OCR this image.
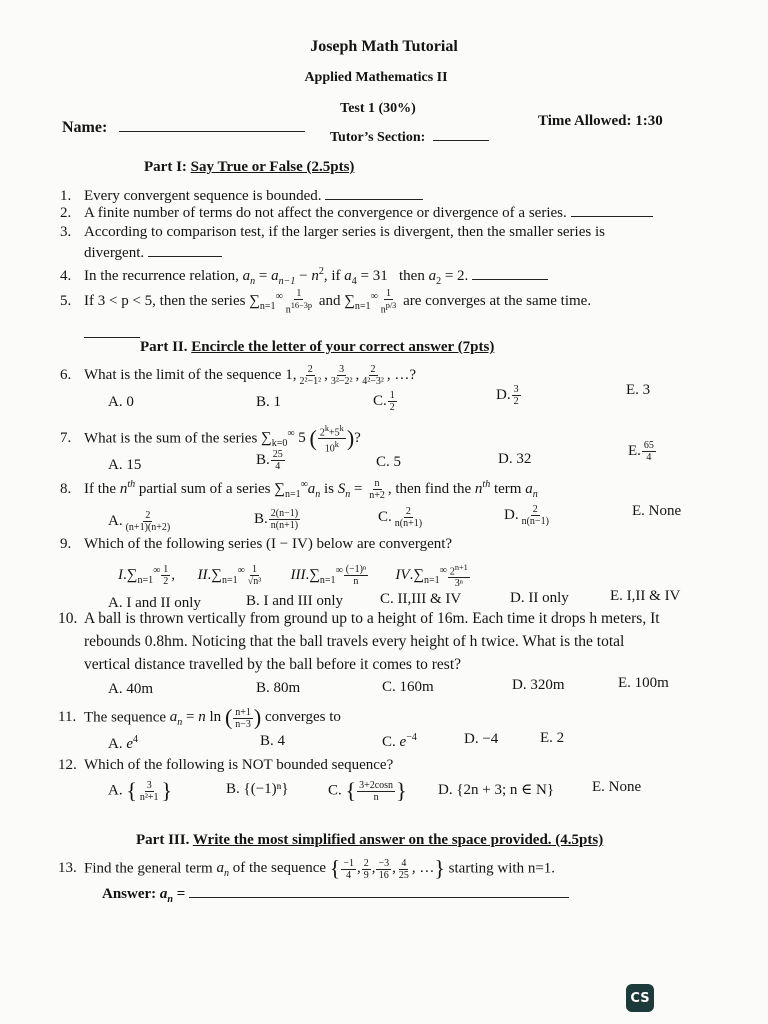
Joseph Math Tutorial
Applied Mathematics II
Test 1 (30%)
Name:
Tutor’s Section:
Time Allowed: 1:30
Part I: Say True or False (2.5pts)
1. Every convergent sequence is bounded.
2. A finite number of terms do not affect the convergence or divergence of a series.
3. According to comparison test, if the larger series is divergent, then the smaller series is
divergent.
4. In the recurrence relation, $a_n = a_{n-1} - n^2$, if $a_4 = 31$   then $a_2 = 2$.
5. If 3 < p < 5, then the series $\sum_{n=1}^\infty \frac{1}{n^{16-3p}}$ and $\sum_{n=1}^\infty \frac{1}{n^{p/3}}$ are converges at the same time.
Part II. Encircle the letter of your correct answer (7pts)
6. What is the limit of the sequence 1, $\frac{2}{\text{2²−1²}}$ , $\frac{3}{\text{3²−2²}}$ , $\frac{2}{\text{4²−3²}}$ , …?
A. 0	B. 1	C. $\frac{1}{2}$	D. $\frac{3}{2}$	E. 3
7. What is the sum of the series $\sum_{k=0}^\infty$ 5 ( $\frac{2^k+5^k}{10^k}$ )?
A. 15	B. $\frac{25}{4}$	C. 5	D. 32
E. $\frac{65}{4}$
8. If the $n^{th}$ partial sum of a series $\sum_{n=1}^\infty a_n$ is $S_n = \frac{n}{n+2}$ , then find the $n^{th}$ term $a_n$
A. $\frac{2}{(n+1)(n+2)}$	B. $\frac{2(n-1)}{n(n+1)}$	C. $\frac{2}{n(n+1)}$	D. $\frac{2}{n(n-1)}$	E. None
9. Which of the following series (I − IV) below are convergent?
$I.\sum_{n=1}^\infty \frac{1}{2}$ ,      $II.\sum_{n=1}^\infty \frac{1}{\text{√n³}} III.\sum_{n=1}^\infty \frac{\text{(−1)ⁿ}}{n} IV.\sum_{n=1}^\infty \frac{2^{n+1}}{\text{3ⁿ}}$
A. I and II only	B. I and III only C. II,III & IV	D. II only	E. I,II & IV
10. A ball is thrown vertically from ground up to a height of 16m. Each time it drops h meters, It
rebounds 0.8hm. Noticing that the ball travels every height of h twice. What is the total
vertical distance travelled by the ball before it comes to rest?
A. 40m	B. 80m	C. 160m	D. 320m	E. 100m
11. The sequence $a_n = n$ ln ( $\frac{n+1}{n-3}$ ) converges to
A. $e^4$	B. 4	C. $e^{-4}$	D. −4	E. 2
12. Which of the following is NOT bounded sequence?
A. { $\frac{3}{\text{n²+1}}$ }	B. {(−1)ⁿ}	C. { $\frac{3+2\cos n}{n}$ } D. {2n + 3; n ∈ N}	E. None
Part III. Write the most simplified answer on the space provided. (4.5pts)
13. Find the general term $a_n$ of the sequence { $\frac{-1}{4}$ , $\frac{2}{9}$ , $\frac{-3}{16}$ , $\frac{4}{25}$ , …} starting with n=1.
Answer: $a_n$ =
CS
